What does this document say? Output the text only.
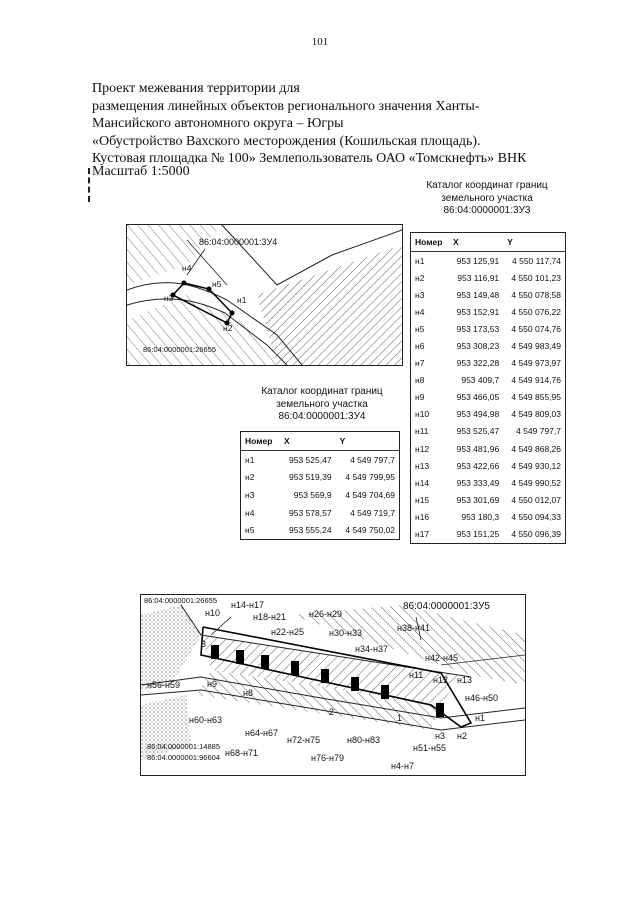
101
Проект межевания территории для
размещения линейных объектов регионального значения Ханты-
Мансийского автономного округа – Югры
«Обустройство Вахского месторождения (Кошильская площадь).
Кустовая площадка № 100» Землепользователь ОАО «Томскнефть» ВНК
Масштаб 1:5000
Каталог координат границ
земельного участка
86:04:0000001:3У3
Номер	X	Y
н1	953 125,91	4 550 117,74
н2	953 116,91	4 550 101,23
н3	953 149,48	4 550 078,58
н4	953 152,91	4 550 076,22
н5	953 173,53	4 550 074,76
н6	953 308,23	4 549 983,49
н7	953 322,28	4 549 973,97
н8	953 409,7	4 549 914,76
н9	953 466,05	4 549 855,95
н10	953 494,98	4 549 809,03
н11	953 525,47	4 549 797,7
н12	953 481,96	4 549 868,26
н13	953 422,66	4 549 930,12
н14	953 333,49	4 549 990,52
н15	953 301,69	4 550 012,07
н16	953 180,3	4 550 094,33
н17	953 151,25	4 550 096,39
Каталог координат границ
земельного участка
86:04:0000001:3У4
Номер	X	Y
н1	953 525,47	4 549 797,7
н2	953 519,39	4 549 799,95
н3	953 569,9	4 549 704,69
н4	953 578,57	4 549 719,7
н5	953 555,24	4 549 750,02
86:04:0000001:3У4
86:04:0000001:26655
н4
н5
н3	н1
н2
86:04:0000001:26655
86:04:0000001:3У5
86:04:0000001:14885
86:04:0000001:96604
н10
н14-н17
н18-н21	н26-н29
н22-н25	н30-н33	н38-н41
н34-н37
н42-н45
н11 н12 н13
н46-н50
н1
н2
н3
н56-н59	н9
н8
н60-н63
н64-н67
н72-н75	н80-н83
н51-н55
н68-н71	н76-н79
н4-н7
2
1
3
